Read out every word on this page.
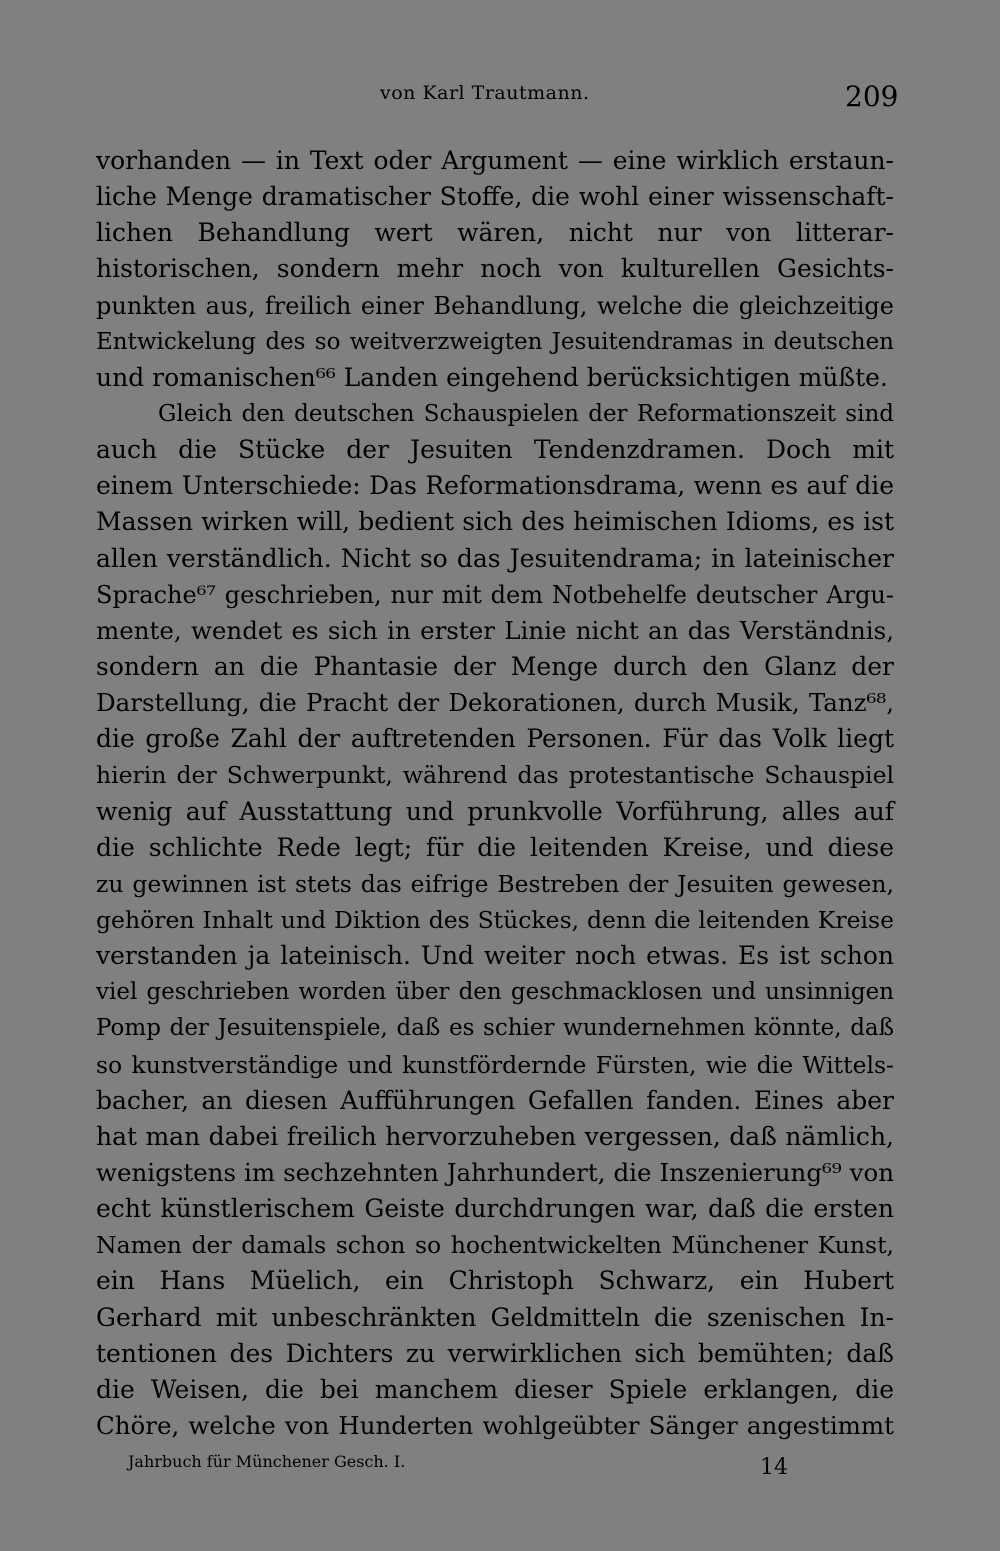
von Karl Trautmann.	209
vorhanden — in Text oder Argument — eine wirklich erstaun-
liche Menge dramatischer Stoffe, die wohl einer wissenschaft-
lichen Behandlung wert wären, nicht nur von litterar-
historischen, sondern mehr noch von kulturellen Gesichts-
punkten aus, freilich einer Behandlung, welche die gleichzeitige
Entwickelung des so weitverzweigten Jesuitendramas in deutschen
und romanischen⁶⁶ Landen eingehend berücksichtigen müßte.
Gleich den deutschen Schauspielen der Reformationszeit sind
auch die Stücke der Jesuiten Tendenzdramen. Doch mit
einem Unterschiede: Das Reformationsdrama, wenn es auf die
Massen wirken will, bedient sich des heimischen Idioms, es ist
allen verständlich. Nicht so das Jesuitendrama; in lateinischer
Sprache⁶⁷ geschrieben, nur mit dem Notbehelfe deutscher Argu-
mente, wendet es sich in erster Linie nicht an das Verständnis,
sondern an die Phantasie der Menge durch den Glanz der
Darstellung, die Pracht der Dekorationen, durch Musik, Tanz⁶⁸,
die große Zahl der auftretenden Personen. Für das Volk liegt
hierin der Schwerpunkt, während das protestantische Schauspiel
wenig auf Ausstattung und prunkvolle Vorführung, alles auf
die schlichte Rede legt; für die leitenden Kreise, und diese
zu gewinnen ist stets das eifrige Bestreben der Jesuiten gewesen,
gehören Inhalt und Diktion des Stückes, denn die leitenden Kreise
verstanden ja lateinisch. Und weiter noch etwas. Es ist schon
viel geschrieben worden über den geschmacklosen und unsinnigen
Pomp der Jesuitenspiele, daß es schier wundernehmen könnte, daß
so kunstverständige und kunstfördernde Fürsten, wie die Wittels-
bacher, an diesen Aufführungen Gefallen fanden. Eines aber
hat man dabei freilich hervorzuheben vergessen, daß nämlich,
wenigstens im sechzehnten Jahrhundert, die Inszenierung⁶⁹ von
echt künstlerischem Geiste durchdrungen war, daß die ersten
Namen der damals schon so hochentwickelten Münchener Kunst,
ein Hans Müelich, ein Christoph Schwarz, ein Hubert
Gerhard mit unbeschränkten Geldmitteln die szenischen In-
tentionen des Dichters zu verwirklichen sich bemühten; daß
die Weisen, die bei manchem dieser Spiele erklangen, die
Chöre, welche von Hunderten wohlgeübter Sänger angestimmt
Jahrbuch für Münchener Gesch. I.	14
